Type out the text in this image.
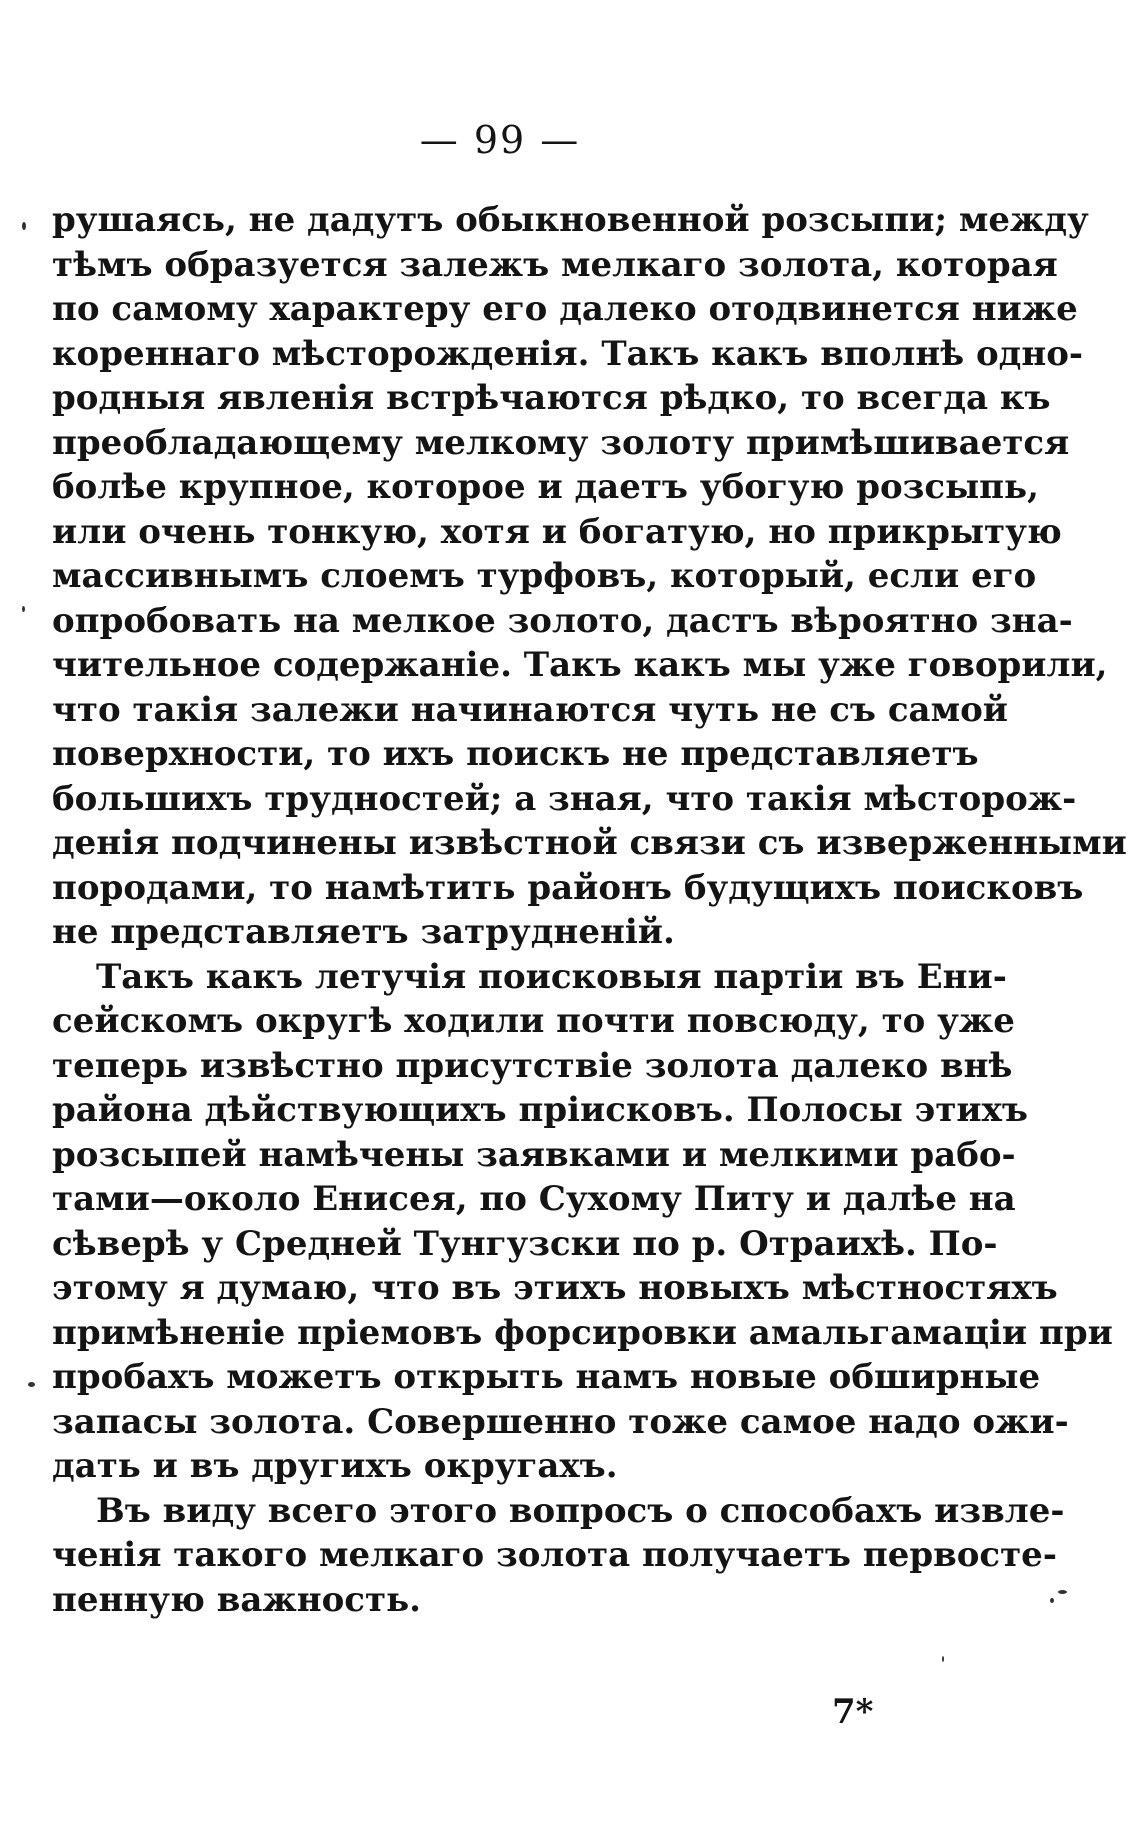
— 99 —
рушаясь, не дадутъ обыкновенной розсыпи; между
тѣмъ образуется залежъ мелкаго золота, которая
по самому характеру его далеко отодвинется ниже
кореннаго мѣсторожденія. Такъ какъ вполнѣ одно-
родныя явленія встрѣчаются рѣдко, то всегда къ
преобладающему мелкому золоту примѣшивается
болѣе крупное, которое и даетъ убогую розсыпь,
или очень тонкую, хотя и богатую, но прикрытую
массивнымъ слоемъ турфовъ, который, если его
опробовать на мелкое золото, дастъ вѣроятно зна-
чительное содержаніе. Такъ какъ мы уже говорили,
что такія залежи начинаются чуть не съ самой
поверхности, то ихъ поискъ не представляетъ
большихъ трудностей; а зная, что такія мѣсторож-
денія подчинены извѣстной связи съ изверженными
породами, то намѣтить районъ будущихъ поисковъ
не представляетъ затрудненій.
Такъ какъ летучія поисковыя партіи въ Ени-
сейскомъ округѣ ходили почти повсюду, то уже
теперь извѣстно присутствіе золота далеко внѣ
района дѣйствующихъ пріисковъ. Полосы этихъ
розсыпей намѣчены заявками и мелкими рабо-
тами—около Енисея, по Сухому Питу и далѣе на
сѣверѣ у Средней Тунгузски по р. Отраихѣ. По-
этому я думаю, что въ этихъ новыхъ мѣстностяхъ
примѣненіе пріемовъ форсировки амальгамаціи при
пробахъ можетъ открыть намъ новые обширные
запасы золота. Совершенно тоже самое надо ожи-
дать и въ другихъ округахъ.
Въ виду всего этого вопросъ о способахъ извле-
ченія такого мелкаго золота получаетъ первосте-
пенную важность.
7*
